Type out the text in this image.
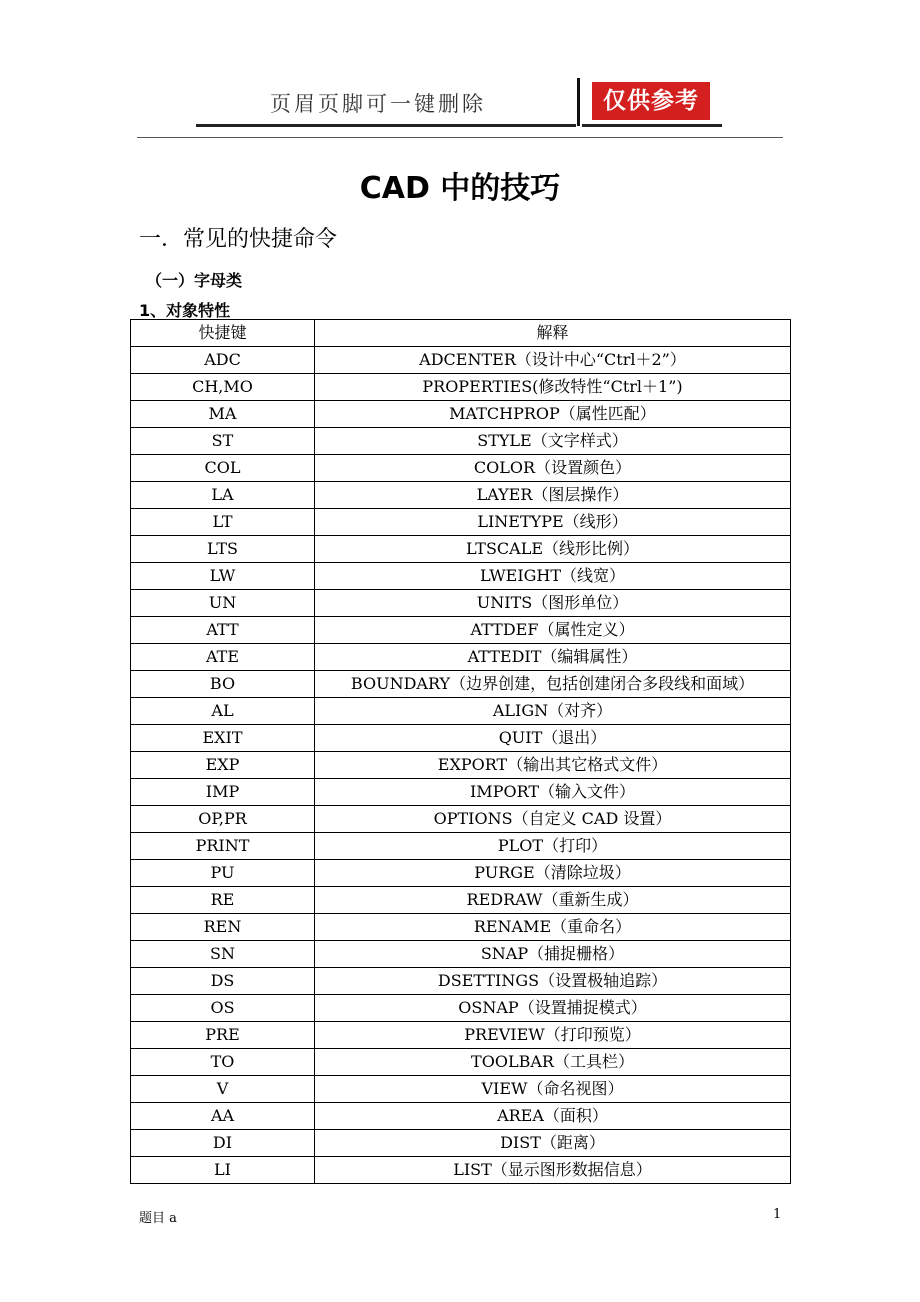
页眉页脚可一键删除	仅供参考
CAD 中的技巧
一．常见的快捷命令
（一）字母类
1、对象特性
快捷键	解释
ADC	ADCENTER（设计中心“Ctrl＋2”）
CH,MO	PROPERTIES(修改特性“Ctrl＋1”)
MA	MATCHPROP（属性匹配）
ST	STYLE（文字样式）
COL	COLOR（设置颜色）
LA	LAYER（图层操作）
LT	LINETYPE（线形）
LTS	LTSCALE（线形比例）
LW	LWEIGHT（线宽）
UN	UNITS（图形单位）
ATT	ATTDEF（属性定义）
ATE	ATTEDIT（编辑属性）
BO	BOUNDARY（边界创建，包括创建闭合多段线和面域）
AL	ALIGN（对齐）
EXIT	QUIT（退出）
EXP	EXPORT（输出其它格式文件）
IMP	IMPORT（输入文件）
OP,PR	OPTIONS（自定义 CAD 设置）
PRINT	PLOT（打印）
PU	PURGE（清除垃圾）
RE	REDRAW（重新生成）
REN	RENAME（重命名）
SN	SNAP（捕捉栅格）
DS	DSETTINGS（设置极轴追踪）
OS	OSNAP（设置捕捉模式）
PRE	PREVIEW（打印预览）
TO	TOOLBAR（工具栏）
V	VIEW（命名视图）
AA	AREA（面积）
DI	DIST（距离）
LI	LIST（显示图形数据信息）
题目 a	1
